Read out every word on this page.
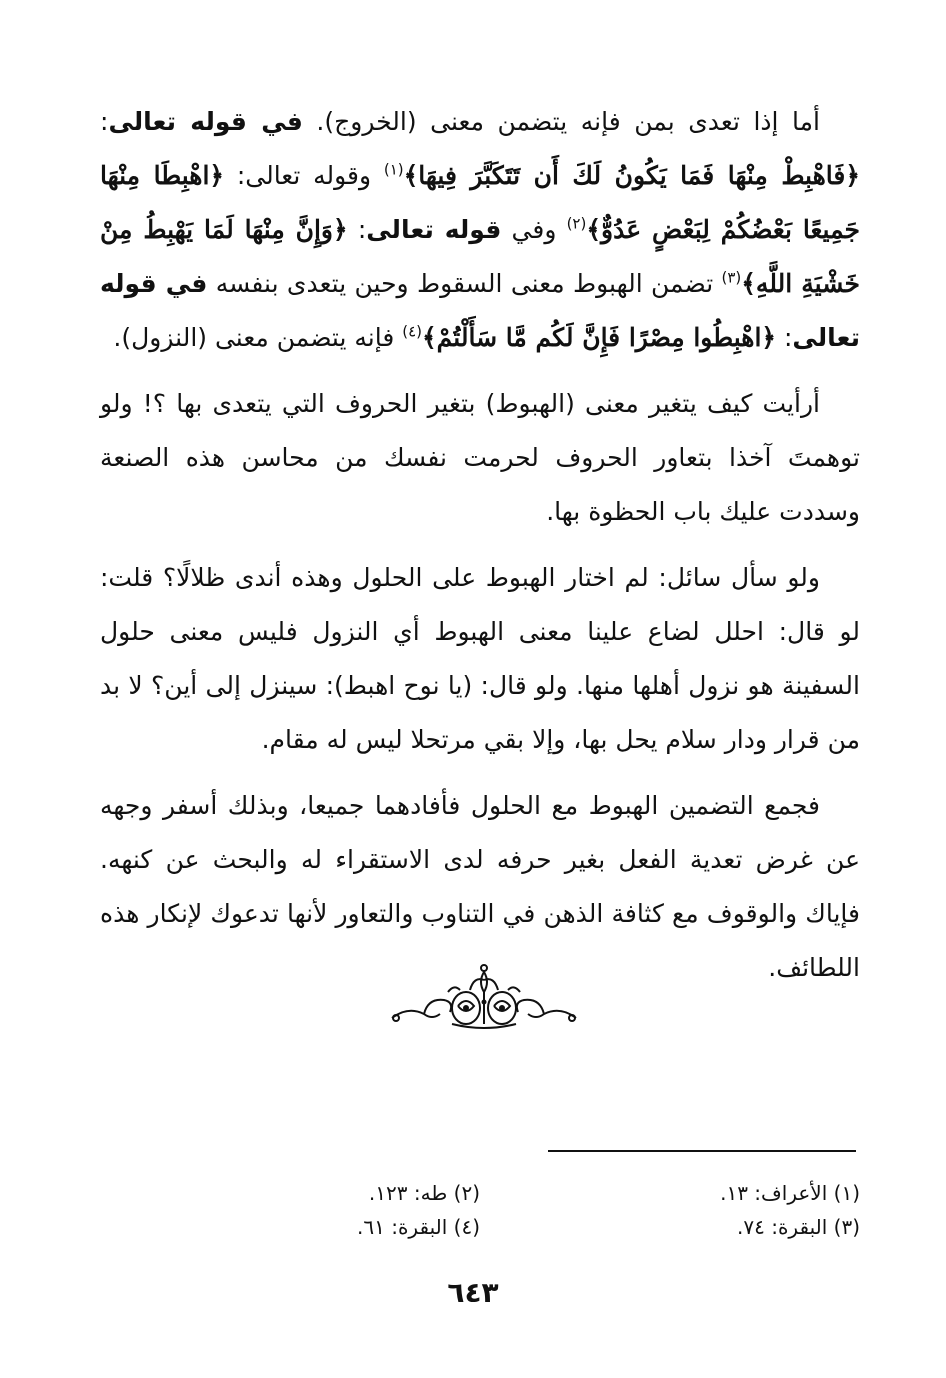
أما إذا تعدى بمن فإنه يتضمن معنى (الخروج). في قوله تعالى: ﴿فَاهْبِطْ مِنْهَا فَمَا يَكُونُ لَكَ أَن تَتَكَبَّرَ فِيهَا﴾$^{(١)}$ وقوله تعالى: ﴿اهْبِطَا مِنْهَا جَمِيعًا بَعْضُكُمْ لِبَعْضٍ عَدُوٌّ﴾$^{(٢)}$ وفي قوله تعالى: ﴿وَإِنَّ مِنْهَا لَمَا يَهْبِطُ مِنْ خَشْيَةِ اللَّهِ﴾$^{(٣)}$ تضمن الهبوط معنى السقوط وحين يتعدى بنفسه في قوله تعالى: ﴿اهْبِطُوا مِصْرًا فَإِنَّ لَكُم مَّا سَأَلْتُمْ﴾$^{(٤)}$ فإنه يتضمن معنى (النزول).

أرأيت كيف يتغير معنى (الهبوط) بتغير الحروف التي يتعدى بها ؟! ولو توهمتَ آخذا بتعاور الحروف لحرمت نفسك من محاسن هذه الصنعة وسددت عليك باب الحظوة بها.

ولو سأل سائل: لم اختار الهبوط على الحلول وهذه أندى ظلالًا؟ قلت: لو قال: احلل لضاع علينا معنى الهبوط أي النزول فليس معنى حلول السفينة هو نزول أهلها منها. ولو قال: (يا نوح اهبط): سينزل إلى أين؟ لا بد من قرار ودار سلام يحل بها، وإلا بقي مرتحلا ليس له مقام.

فجمع التضمين الهبوط مع الحلول فأفادهما جميعا، وبذلك أسفر وجهه عن غرض تعدية الفعل بغير حرفه لدى الاستقراء له والبحث عن كنهه. فإياك والوقوف مع كثافة الذهن في التناوب والتعاور لأنها تدعوك لإنكار هذه اللطائف.

(١) الأعراف: ١٣.
(٢) طه: ١٢٣.
(٣) البقرة: ٧٤.
(٤) البقرة: ٦١.
٦٤٣
